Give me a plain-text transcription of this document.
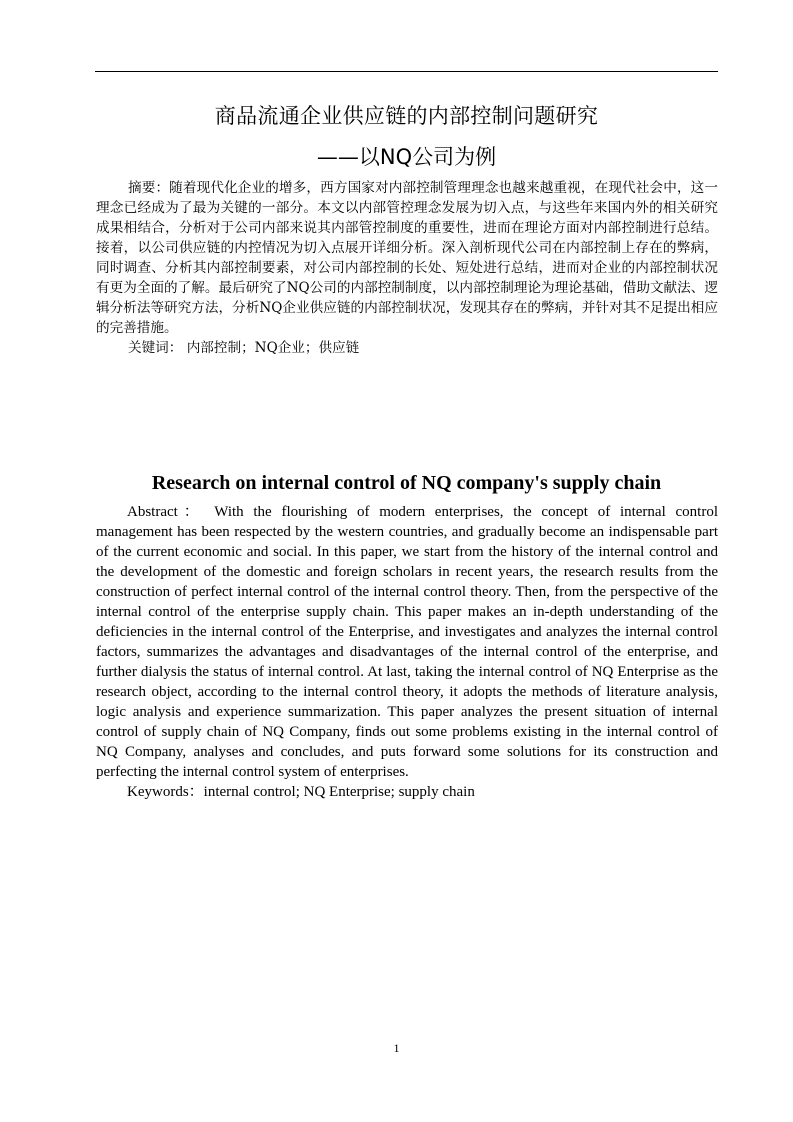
商品流通企业供应链的内部控制问题研究
——以NQ公司为例

摘要：随着现代化企业的增多，西方国家对内部控制管理理念也越来越重视，在现代社会中，这一理念已经成为了最为关键的一部分。本文以内部管控理念发展为切入点，与这些年来国内外的相关研究成果相结合，分析对于公司内部来说其内部管控制度的重要性，进而在理论方面对内部控制进行总结。接着，以公司供应链的内控情况为切入点展开详细分析。深入剖析现代公司在内部控制上存在的弊病，同时调查、分析其内部控制要素，对公司内部控制的长处、短处进行总结，进而对企业的内部控制状况有更为全面的了解。最后研究了NQ公司的内部控制制度，以内部控制理论为理论基础，借助文献法、逻辑分析法等研究方法，分析NQ企业供应链的内部控制状况，发现其存在的弊病，并针对其不足提出相应的完善措施。

关键词： 内部控制；NQ企业；供应链

Research on internal control of NQ company's supply chain

Abstract： With the flourishing of modern enterprises, the concept of internal control management has been respected by the western countries, and gradually become an indispensable part of the current economic and social. In this paper, we start from the history of the internal control and the development of the domestic and foreign scholars in recent years, the research results from the construction of perfect internal control of the internal control theory. Then, from the perspective of the internal control of the enterprise supply chain. This paper makes an in-depth understanding of the deficiencies in the internal control of the Enterprise, and investigates and analyzes the internal control factors, summarizes the advantages and disadvantages of the internal control of the enterprise, and further dialysis the status of internal control. At last, taking the internal control of NQ Enterprise as the research object, according to the internal control theory, it adopts the methods of literature analysis, logic analysis and experience summarization. This paper analyzes the present situation of internal control of supply chain of NQ Company, finds out some problems existing in the internal control of NQ Company, analyses and concludes, and puts forward some solutions for its construction and perfecting the internal control system of enterprises.

Keywords：internal control; NQ Enterprise; supply chain

1
